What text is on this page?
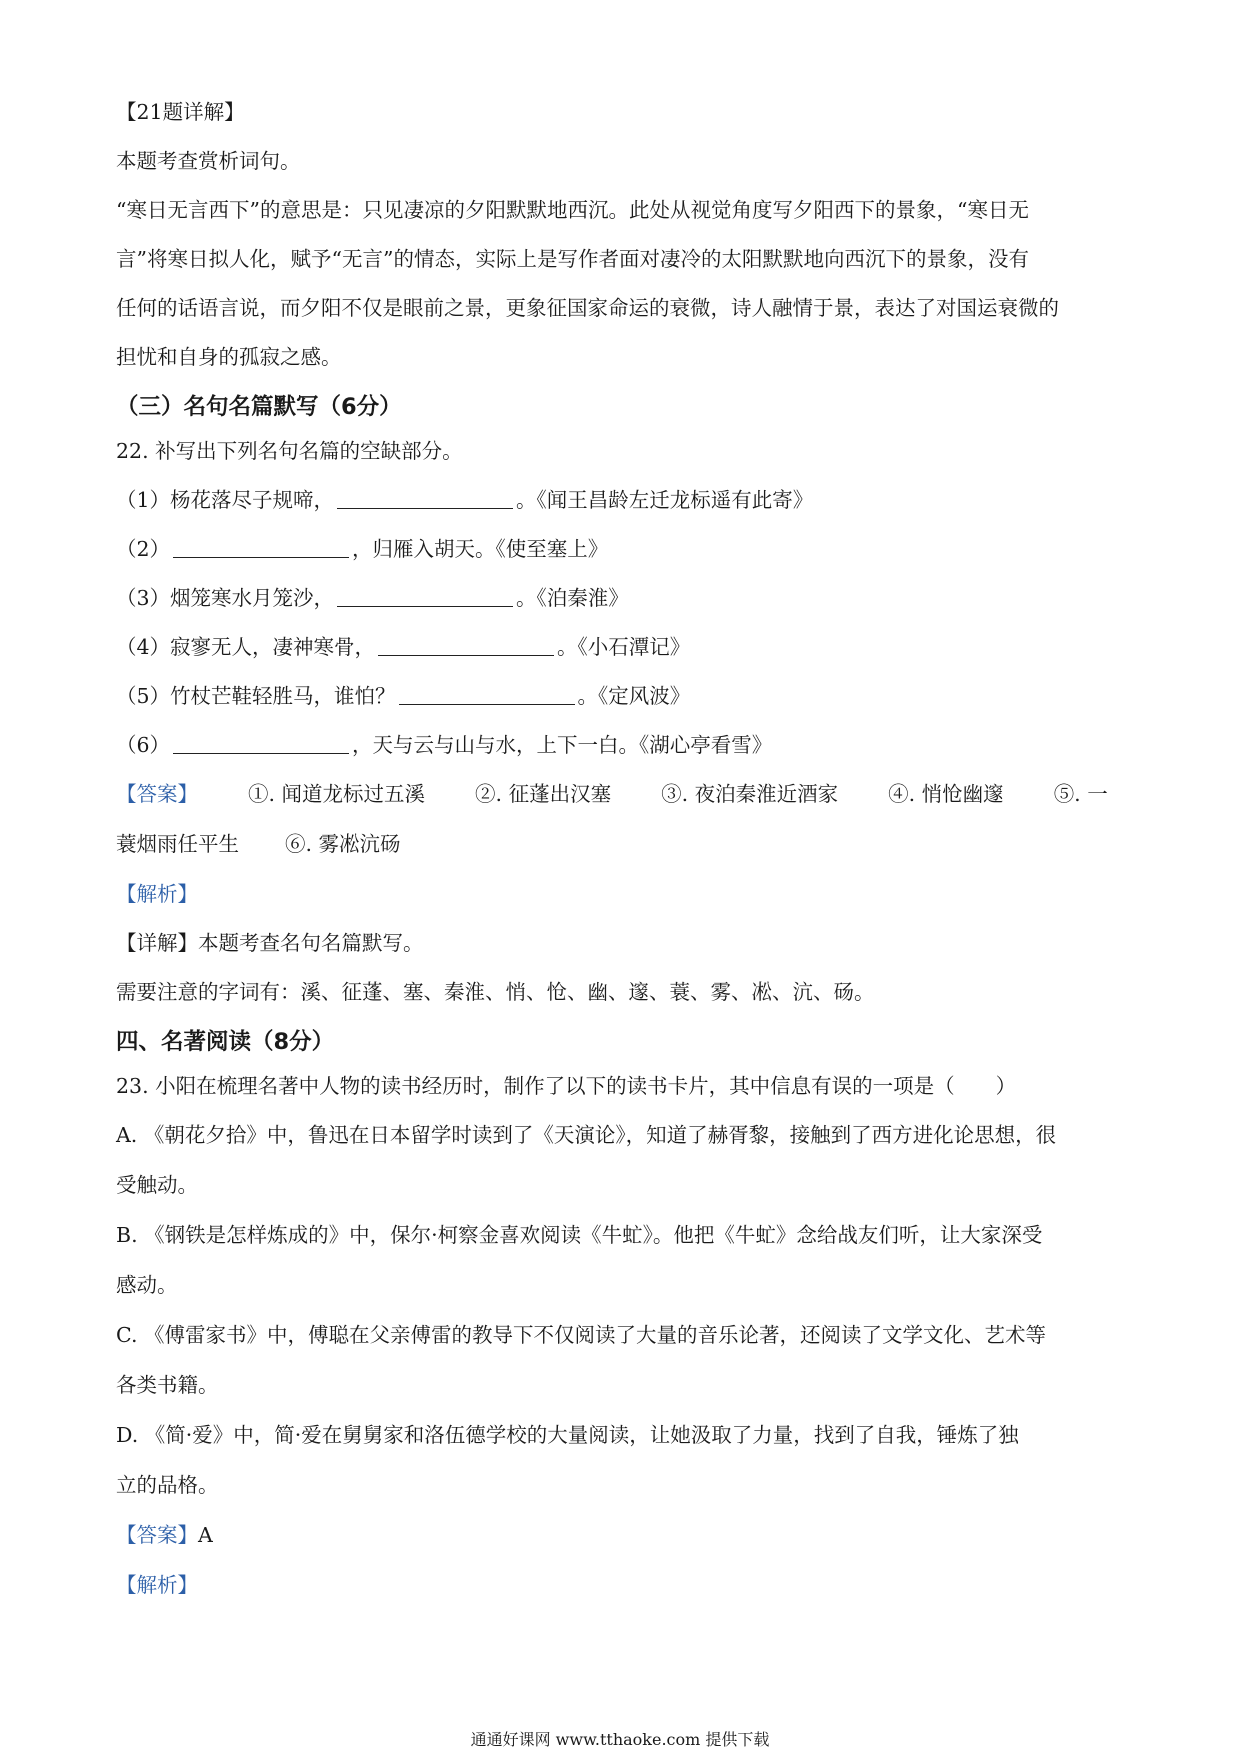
【21题详解】
本题考查赏析词句。
“寒日无言西下”的意思是：只见凄凉的夕阳默默地西沉。此处从视觉角度写夕阳西下的景象，“寒日无
言”将寒日拟人化，赋予“无言”的情态，实际上是写作者面对凄冷的太阳默默地向西沉下的景象，没有
任何的话语言说，而夕阳不仅是眼前之景，更象征国家命运的衰微，诗人融情于景，表达了对国运衰微的
担忧和自身的孤寂之感。
（三）名句名篇默写（6分）
22. 补写出下列名句名篇的空缺部分。
（1）杨花落尽子规啼，	。《闻王昌龄左迁龙标遥有此寄》
（2）	，归雁入胡天。《使至塞上》
（3）烟笼寒水月笼沙，	。《泊秦淮》
（4）寂寥无人，凄神寒骨，	。《小石潭记》
（5）竹杖芒鞋轻胜马，谁怕？	。《定风波》
（6）	，天与云与山与水，上下一白。《湖心亭看雪》
【答案】 ①. 闻道龙标过五溪 ②. 征蓬出汉塞 ③. 夜泊秦淮近酒家 ④. 悄怆幽邃 ⑤. 一
蓑烟雨任平生 ⑥. 雾凇沆砀
【解析】
【详解】本题考查名句名篇默写。
需要注意的字词有：溪、征蓬、塞、秦淮、悄、怆、幽、邃、蓑、雾、凇、沆、砀。
四、名著阅读（8分）
23. 小阳在梳理名著中人物的读书经历时，制作了以下的读书卡片，其中信息有误的一项是（　　）
A. 《朝花夕拾》中，鲁迅在日本留学时读到了《天演论》，知道了赫胥黎，接触到了西方进化论思想，很
受触动。
B. 《钢铁是怎样炼成的》中，保尔·柯察金喜欢阅读《牛虻》。他把《牛虻》念给战友们听，让大家深受
感动。
C. 《傅雷家书》中，傅聪在父亲傅雷的教导下不仅阅读了大量的音乐论著，还阅读了文学文化、艺术等
各类书籍。
D. 《简·爱》中，简·爱在舅舅家和洛伍德学校的大量阅读，让她汲取了力量，找到了自我，锤炼了独
立的品格。
【答案】A
【解析】
通通好课网 www.tthaoke.com 提供下载
